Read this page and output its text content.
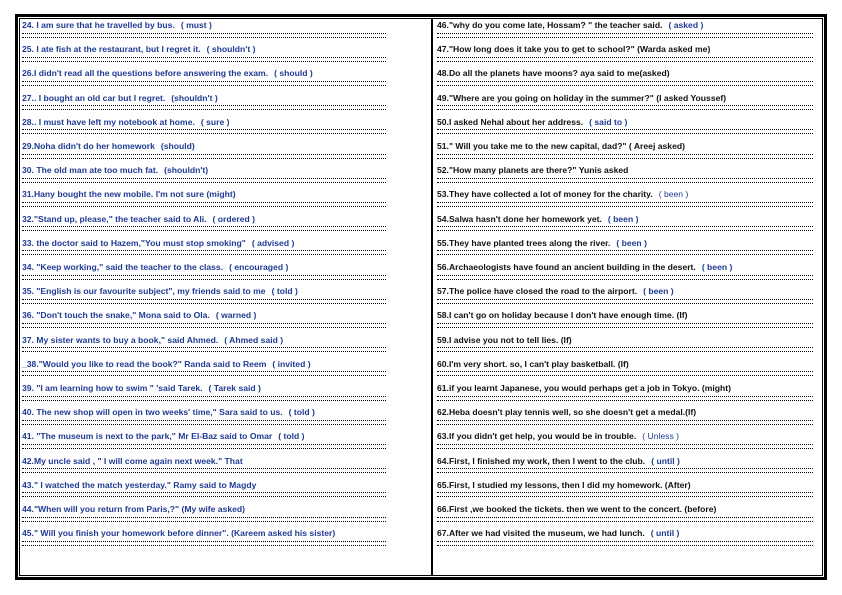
24. I am sure that he travelled by bus. ( must )
25. I ate fish at the restaurant, but I regret it. ( shouldn't )
26.I didn't read all the questions before answering the exam. ( should )
27.. I bought an old car but I regret. (shouldn't )
28.. I must have left my notebook at home. ( sure )
29.Noha didn't do her homework (should)
30. The old man ate too much fat. (shouldn't)
31.Hany bought the new mobile. I'm not sure (might)
32."Stand up, please," the teacher said to Ali. ( ordered )
33. the doctor said to Hazem,"You must stop smoking" ( advised )
34. "Keep working," said the teacher to the class. ( encouraged )
35. "English is our favourite subject", my friends said to me ( told )
36. "Don't touch the snake," Mona said to Ola. ( warned )
37. My sister wants to buy a book," said Ahmed. ( Ahmed said )
_38."Would you like to read the book?" Randa said to Reem ( invited )
39. "I am learning how to swim " 'said Tarek. ( Tarek said )
40. The new shop will open in two weeks' time," Sara said to us. ( told )
41. "The museum is next to the park," Mr El-Baz said to Omar ( told )
42.My uncle said , " I will come again next week." That
43." I watched the match yesterday." Ramy said to Magdy
44."When will you return from Paris,?" (My wife asked)
45." Will you finish your homework before dinner". (Kareem asked his sister)
46."why do you come late, Hossam? " the teacher said. ( asked )
47."How long does it take you to get to school?" (Warda asked me)
48.Do all the planets have moons? aya said to me(asked)
49."Where are you going on holiday in the summer?" (I asked Youssef)
50.I asked Nehal about her address. ( said to )
51." Will you take me to the new capital, dad?" ( Areej asked)
52."How many planets are there?" Yunis asked
53.They have collected a lot of money for the charity. ( been )
54.Salwa hasn't done her homework yet. ( been )
55.They have planted trees along the river. ( been )
56.Archaeologists have found an ancient building in the desert. ( been )
57.The police have closed the road to the airport. ( been )
58.I can't go on holiday because I don't have enough time. (If)
59.I advise you not to tell lies. (If)
60.I'm very short. so, I can't play basketball. (If)
61.if you learnt Japanese, you would perhaps get a job in Tokyo. (might)
62.Heba doesn't play tennis well, so she doesn't get a medal.(If)
63.If you didn't get help, you would be in trouble. ( Unless )
64.First, I finished my work, then I went to the club. ( until )
65.First, I studied my lessons, then I did my homework. (After)
66.First ,we booked the tickets. then we went to the concert. (before)
67.After we had visited the museum, we had lunch. ( until )
